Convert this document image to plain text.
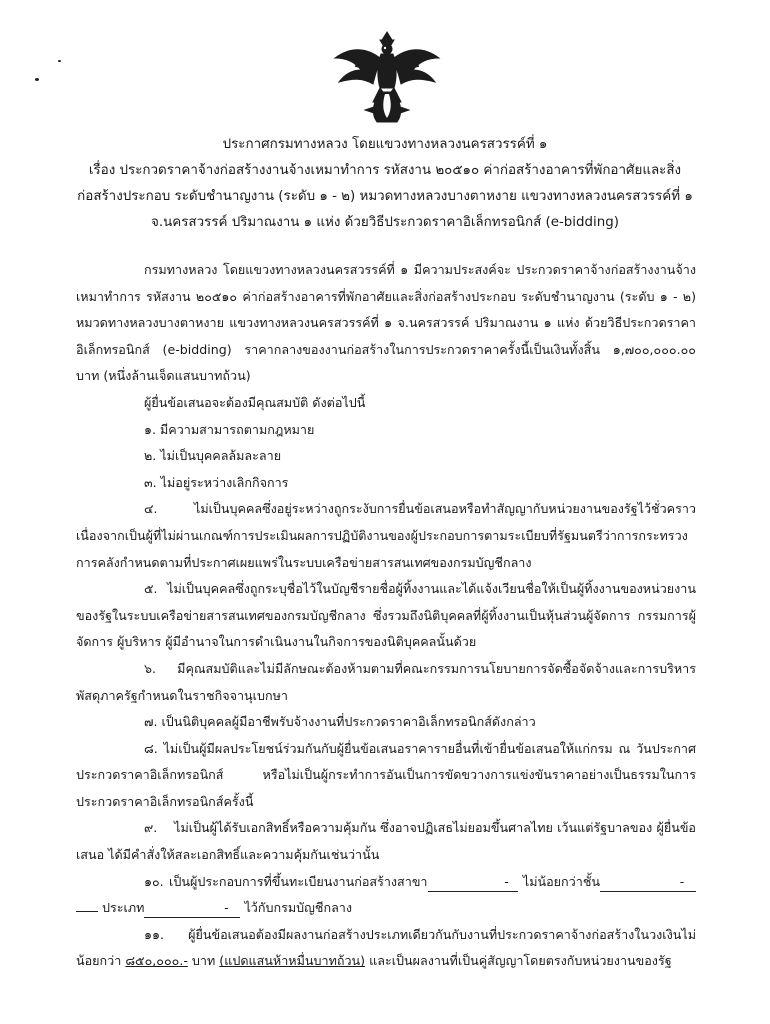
ประกาศกรมทางหลวง โดยแขวงทางหลวงนครสวรรค์ที่ ๑
เรื่อง ประกวดราคาจ้างก่อสร้างงานจ้างเหมาทำการ รหัสงาน ๒๐๕๑๐ ค่าก่อสร้างอาคารที่พักอาศัยและสิ่ง
ก่อสร้างประกอบ ระดับชำนาญงาน (ระดับ ๑ - ๒) หมวดทางหลวงบางตาหงาย แขวงทางหลวงนครสวรรค์ที่ ๑
จ.นครสวรรค์ ปริมาณงาน ๑ แห่ง ด้วยวิธีประกวดราคาอิเล็กทรอนิกส์ (e-bidding)

กรมทางหลวง โดยแขวงทางหลวงนครสวรรค์ที่ ๑ มีความประสงค์จะ ประกวดราคาจ้างก่อสร้างงานจ้างเหมาทำการ รหัสงาน ๒๐๕๑๐ ค่าก่อสร้างอาคารที่พักอาศัยและสิ่งก่อสร้างประกอบ ระดับชำนาญงาน (ระดับ ๑ - ๒) หมวดทางหลวงบางตาหงาย แขวงทางหลวงนครสวรรค์ที่ ๑ จ.นครสวรรค์ ปริมาณงาน ๑ แห่ง ด้วยวิธีประกวดราคาอิเล็กทรอนิกส์ (e-bidding) ราคากลางของงานก่อสร้างในการประกวดราคาครั้งนี้เป็นเงินทั้งสิ้น ๑,๗๐๐,๐๐๐.๐๐ บาท (หนึ่งล้านเจ็ดแสนบาทถ้วน)

ผู้ยื่นข้อเสนอจะต้องมีคุณสมบัติ ดังต่อไปนี้

๑. มีความสามารถตามกฎหมาย

๒. ไม่เป็นบุคคลล้มละลาย

๓. ไม่อยู่ระหว่างเลิกกิจการ

๔. ไม่เป็นบุคคลซึ่งอยู่ระหว่างถูกระงับการยื่นข้อเสนอหรือทำสัญญากับหน่วยงานของรัฐไว้ชั่วคราวเนื่องจากเป็นผู้ที่ไม่ผ่านเกณฑ์การประเมินผลการปฏิบัติงานของผู้ประกอบการตามระเบียบที่รัฐมนตรีว่าการกระทรวงการคลังกำหนดตามที่ประกาศเผยแพร่ในระบบเครือข่ายสารสนเทศของกรมบัญชีกลาง

๕. ไม่เป็นบุคคลซึ่งถูกระบุชื่อไว้ในบัญชีรายชื่อผู้ทิ้งงานและได้แจ้งเวียนชื่อให้เป็นผู้ทิ้งงานของหน่วยงานของรัฐในระบบเครือข่ายสารสนเทศของกรมบัญชีกลาง ซึ่งรวมถึงนิติบุคคลที่ผู้ทิ้งงานเป็นหุ้นส่วนผู้จัดการ กรรมการผู้จัดการ ผู้บริหาร ผู้มีอำนาจในการดำเนินงานในกิจการของนิติบุคคลนั้นด้วย

๖. มีคุณสมบัติและไม่มีลักษณะต้องห้ามตามที่คณะกรรมการนโยบายการจัดซื้อจัดจ้างและการบริหารพัสดุภาครัฐกำหนดในราชกิจจานุเบกษา

๗. เป็นนิติบุคคลผู้มีอาชีพรับจ้างงานที่ประกวดราคาอิเล็กทรอนิกส์ดังกล่าว

๘. ไม่เป็นผู้มีผลประโยชน์ร่วมกันกับผู้ยื่นข้อเสนอราคารายอื่นที่เข้ายื่นข้อเสนอให้แก่กรม ณ วันประกาศประกวดราคาอิเล็กทรอนิกส์ หรือไม่เป็นผู้กระทำการอันเป็นการขัดขวางการแข่งขันราคาอย่างเป็นธรรมในการประกวดราคาอิเล็กทรอนิกส์ครั้งนี้

๙.    ไม่เป็นผู้ได้รับเอกสิทธิ์หรือความคุ้มกัน ซึ่งอาจปฏิเสธไม่ยอมขึ้นศาลไทย เว้นแต่รัฐบาลของ ผู้ยื่นข้อเสนอ ได้มีคำสั่งให้สละเอกสิทธิ์และความคุ้มกันเช่นว่านั้น

๑๐. เป็นผู้ประกอบการที่ขึ้นทะเบียนงานก่อสร้างสาขา	- ไม่น้อยกว่าชั้น	-  ประเภท	- ไว้กับกรมบัญชีกลาง

๑๑. ผู้ยื่นข้อเสนอต้องมีผลงานก่อสร้างประเภทเดียวกันกับงานที่ประกวดราคาจ้างก่อสร้างในวงเงินไม่น้อยกว่า ๘๕๐,๐๐๐.- บาท (แปดแสนห้าหมื่นบาทถ้วน) และเป็นผลงานที่เป็นคู่สัญญาโดยตรงกับหน่วยงานของรัฐ
